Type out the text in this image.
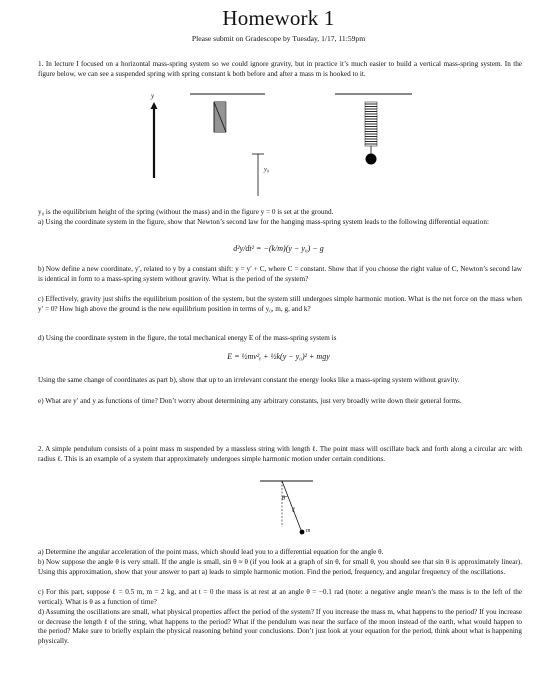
Homework 1
Please submit on Gradescope by Tuesday, 1/17, 11:59pm
1. In lecture I focused on a horizontal mass-spring system so we could ignore gravity, but in practice it’s much easier to build a vertical mass-spring system. In the figure below, we can see a suspended spring with spring constant k both before and after a mass m is hooked to it.
y
y₀
y₀ is the equilibrium height of the spring (without the mass) and in the figure y = 0 is set at the ground.
a) Using the coordinate system in the figure, show that Newton’s second law for the hanging mass-spring system leads to the following differential equation:
d²y/dt² = −(k/m)(y − y₀) − g
b) Now define a new coordinate, y′, related to y by a constant shift: y = y′ + C, where C = constant. Show that if you choose the right value of C, Newton’s second law is identical in form to a mass-spring system without gravity. What is the period of the system?
c) Effectively, gravity just shifts the equilibrium position of the system, but the system still undergoes simple harmonic motion. What is the net force on the mass when y′ = 0? How high above the ground is the new equilibrium position in terms of y₀, m, g, and k?
d) Using the coordinate system in the figure, the total mechanical energy E of the mass-spring system is
E = ½mv²ᵧ + ½k(y − y₀)² + mgy
Using the same change of coordinates as part b), show that up to an irrelevant constant the energy looks like a mass-spring system without gravity.
e) What are y′ and y as functions of time? Don’t worry about determining any arbitrary constants, just very broadly write down their general forms.
2. A simple pendulum consists of a point mass m suspended by a massless string with length ℓ. The point mass will oscillate back and forth along a circular arc with radius ℓ. This is an example of a system that approximately undergoes simple harmonic motion under certain conditions.
θ
ℓ
m
a) Determine the angular acceleration of the point mass, which should lead you to a differential equation for the angle θ.
b) Now suppose the angle θ is very small. If the angle is small, sin θ ≈ θ (if you look at a graph of sin θ, for small θ, you should see that sin θ is approximately linear). Using this approximation, show that your answer to part a) leads to simple harmonic motion. Find the period, frequency, and angular frequency of the oscillations.
c) For this part, suppose ℓ = 0.5 m, m = 2 kg, and at t = 0 the mass is at rest at an angle θ = −0.1 rad (note: a negative angle mean’s the mass is to the left of the vertical). What is θ as a function of time?
d) Assuming the oscillations are small, what physical properties affect the period of the system? If you increase the mass m, what happens to the period? If you increase or decrease the length ℓ of the string, what happens to the period? What if the pendulum was near the surface of the moon instead of the earth, what would happen to the period? Make sure to briefly explain the physical reasoning behind your conclusions. Don’t just look at your equation for the period, think about what is happening physically.
